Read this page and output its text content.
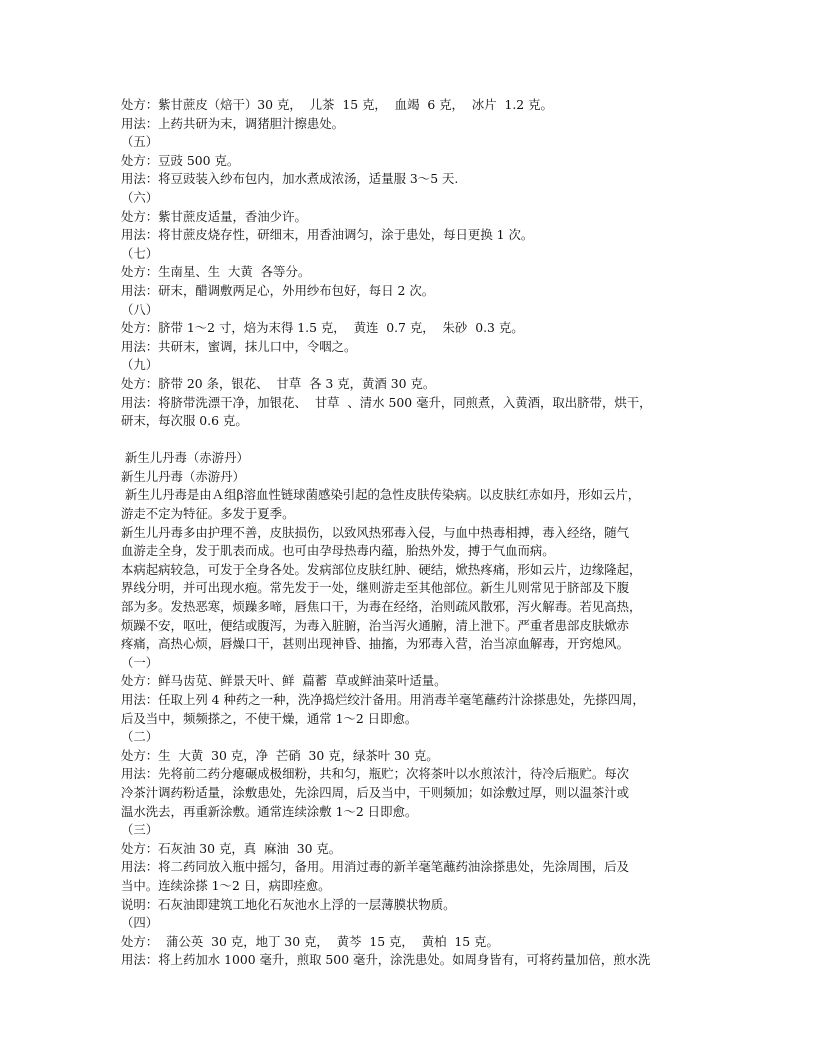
处方：紫甘蔗皮（焙干）30 克，  儿茶  15 克，  血竭  6 克，  冰片  1.2 克。
用法：上药共研为末，调猪胆汁擦患处。
（五）
处方：豆豉 500 克。
用法：将豆豉装入纱布包内，加水煮成浓汤，适量服 3～5 天.
（六）
处方：紫甘蔗皮适量，香油少许。
用法：将甘蔗皮烧存性，研细末，用香油调匀，涂于患处，每日更换 1 次。
（七）
处方：生南星、生  大黄  各等分。
用法：研末，醋调敷两足心，外用纱布包好，每日 2 次。
（八）
处方：脐带 1～2 寸，焙为末得 1.5 克，  黄连  0.7 克，  朱砂  0.3 克。
用法：共研末，蜜调，抹儿口中，令咽之。
（九）
处方：脐带 20 条，银花、  甘草  各 3 克，黄酒 30 克。
用法：将脐带洗漂干净，加银花、  甘草  、清水 500 毫升，同煎煮，入黄酒，取出脐带，烘干，
研末，每次服 0.6 克。
新生儿丹毒（赤游丹）
新生儿丹毒（赤游丹）
新生儿丹毒是由Ａ组β溶血性链球菌感染引起的急性皮肤传染病。以皮肤红赤如丹，形如云片，
游走不定为特征。多发于夏季。
新生儿丹毒多由护理不善，皮肤损伤，以致风热邪毒入侵，与血中热毒相搏，毒入经络，随气
血游走全身，发于肌表而成。也可由孕母热毒内蕴，胎热外发，搏于气血而病。
本病起病较急，可发于全身各处。发病部位皮肤红肿、硬结，焮热疼痛，形如云片，边缘隆起，
界线分明，并可出现水疱。常先发于一处，继则游走至其他部位。新生儿则常见于脐部及下腹
部为多。发热恶寒，烦躁多啼，唇焦口干，为毒在经络，治则疏风散邪，泻火解毒。若见高热，
烦躁不安，呕吐，便结或腹泻，为毒入脏腑，治当泻火通腑，清上泄下。严重者患部皮肤焮赤
疼痛，高热心烦，唇燥口干，甚则出现神昏、抽搐，为邪毒入营，治当凉血解毒，开窍熄风。
（一）
处方：鲜马齿苋、鲜景天叶、鲜  萹蓄  草或鲜油菜叶适量。
用法：任取上列 4 种药之一种，洗净捣烂绞汁备用。用消毒羊毫笔蘸药汁涂搽患处，先搽四周，
后及当中，频频搽之，不使干燥，通常 1～2 日即愈。
（二）
处方：生  大黄  30 克，净  芒硝  30 克，绿茶叶 30 克。
用法：先将前二药分瘪碾成极细粉，共和匀，瓶贮；次将茶叶以水煎浓汁，待冷后瓶贮。每次
冷茶汁调药粉适量，涂敷患处，先涂四周，后及当中，干则频加；如涂敷过厚，则以温茶汁或
温水洗去，再重新涂敷。通常连续涂敷 1～2 日即愈。
（三）
处方：石灰油 30 克，真  麻油  30 克。
用法：将二药同放入瓶中摇匀，备用。用消过毒的新羊毫笔蘸药油涂搽患处，先涂周围，后及
当中。连续涂搽 1～2 日，病即痊愈。
说明：石灰油即建筑工地化石灰池水上浮的一层薄膜状物质。
（四）
处方：  蒲公英  30 克，地丁 30 克，  黄芩  15 克，  黄柏  15 克。
用法：将上药加水 1000 毫升，煎取 500 毫升，涂洗患处。如周身皆有，可将药量加倍，煎水洗
